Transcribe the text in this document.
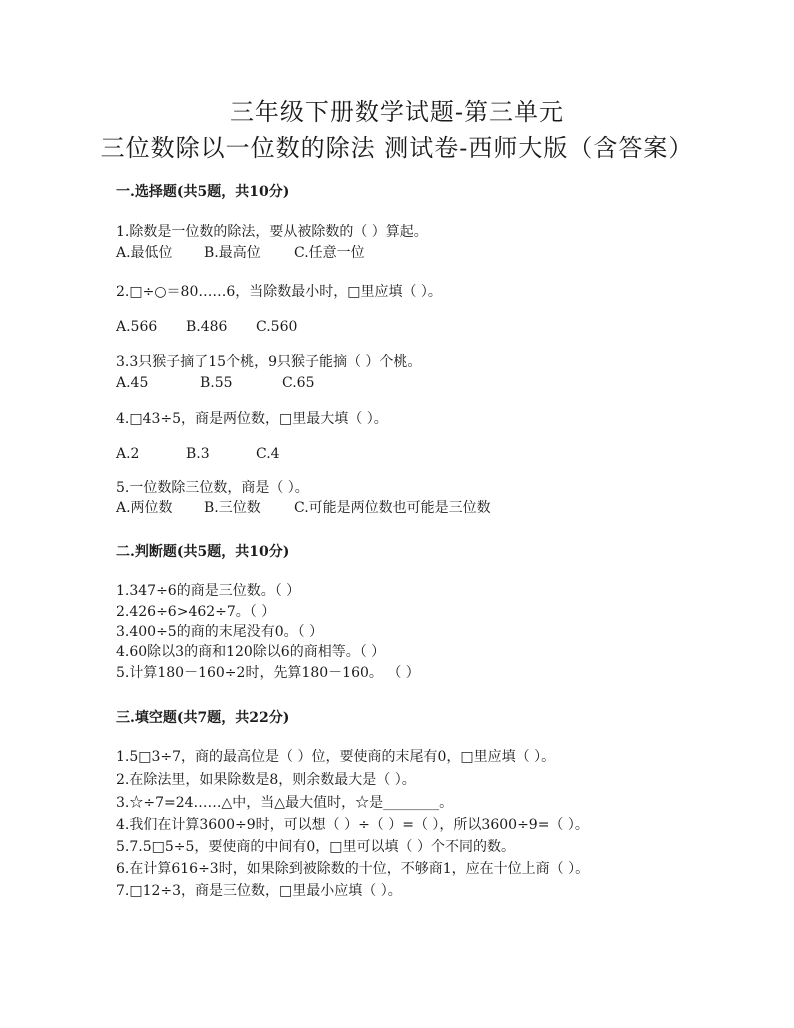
三年级下册数学试题-第三单元
三位数除以一位数的除法 测试卷-西师大版（含答案）
一.选择题(共5题，共10分)
1.除数是一位数的除法，要从被除数的（ ）算起。
A.最低位 B.最高位 C.任意一位
2.□÷○＝80……6，当除数最小时，□里应填（ ）。
A.566 B.486 C.560
3.3只猴子摘了15个桃，9只猴子能摘（ ）个桃。
A.45	B.55	C.65
4.□43÷5，商是两位数，□里最大填（ ）。
A.2	B.3	C.4
5.一位数除三位数，商是（ ）。
A.两位数 B.三位数 C.可能是两位数也可能是三位数
二.判断题(共5题，共10分)
1.347÷6的商是三位数。（ ）
2.426÷6>462÷7。（ ）
3.400÷5的商的末尾没有0。（ ）
4.60除以3的商和120除以6的商相等。（ ）
5.计算180－160÷2时，先算180－160。 （ ）
三.填空题(共7题，共22分)
1.5□3÷7，商的最高位是（ ）位，要使商的末尾有0，□里应填（ ）。
2.在除法里，如果除数是8，则余数最大是（ ）。
3.☆÷7=24……△中，当△最大值时，☆是________。
4.我们在计算3600÷9时，可以想（ ）÷（ ）=（ ），所以3600÷9=（ ）。
5.7.5□5÷5，要使商的中间有0，□里可以填（ ）个不同的数。
6.在计算616÷3时，如果除到被除数的十位，不够商1，应在十位上商（ ）。
7.□12÷3，商是三位数，□里最小应填（ ）。
